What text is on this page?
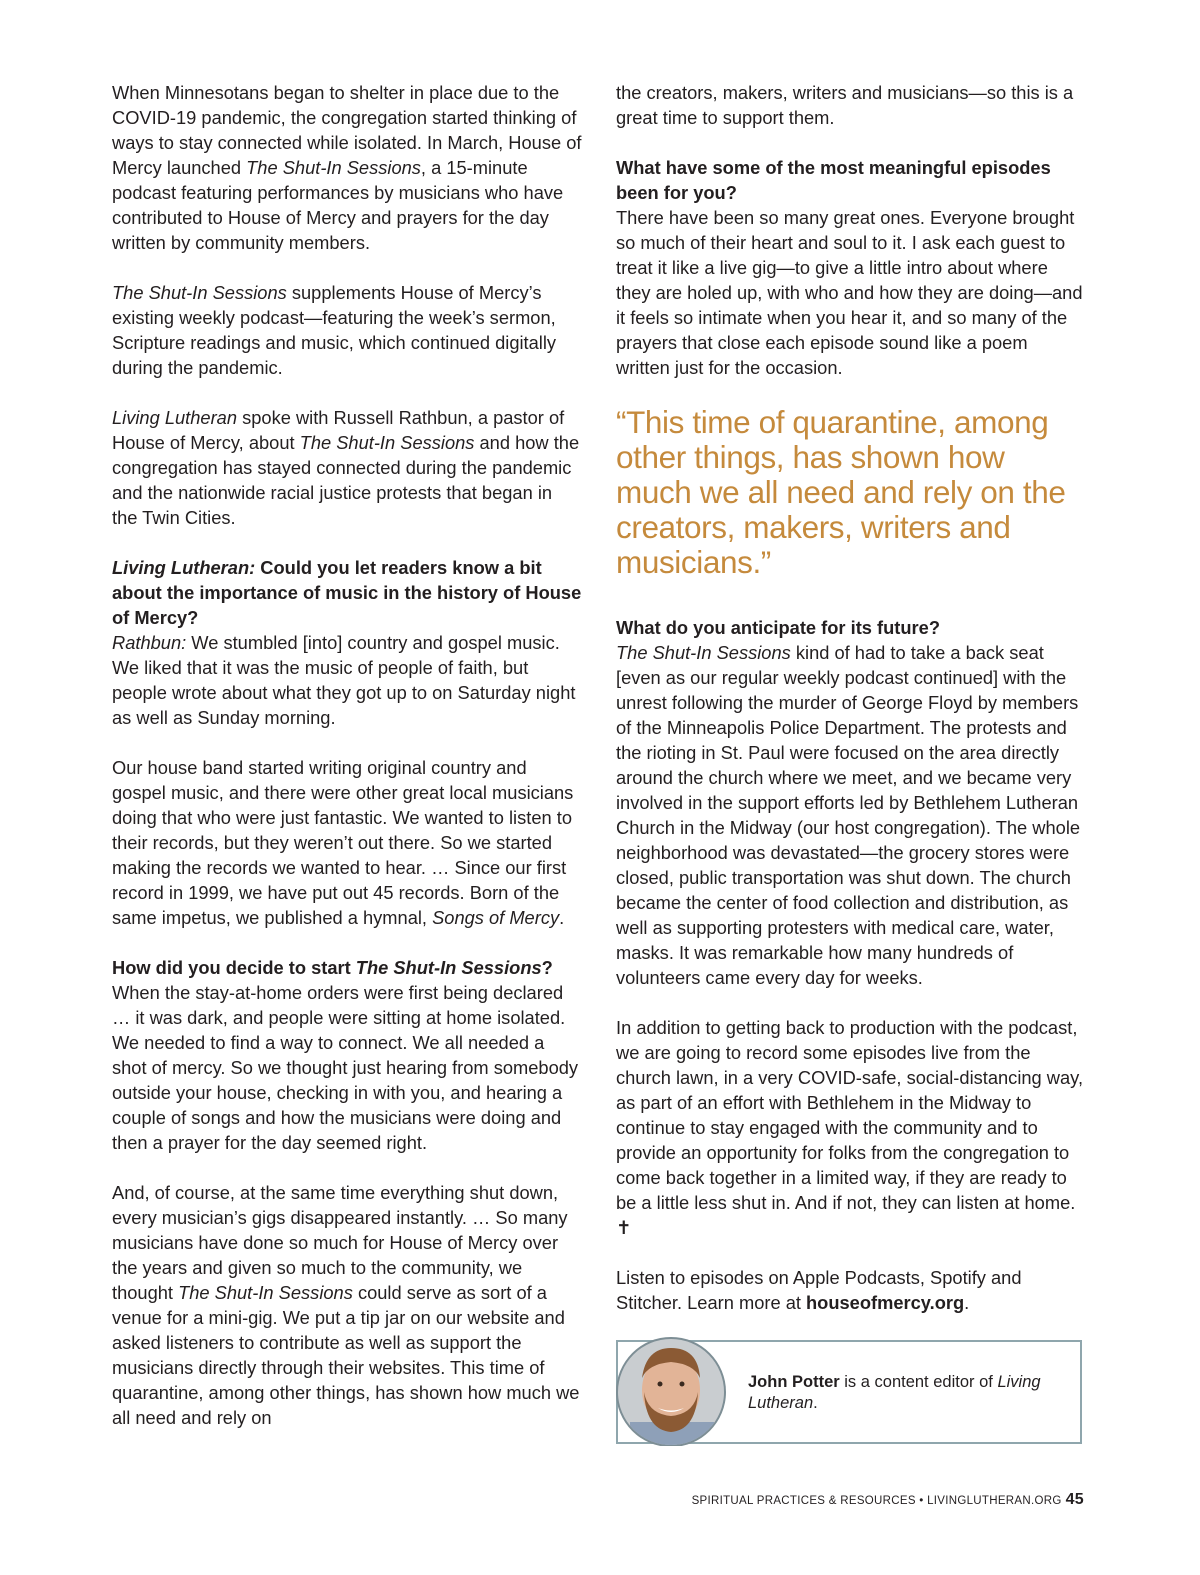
When Minnesotans began to shelter in place due to the COVID-19 pandemic, the congregation started thinking of ways to stay connected while isolated. In March, House of Mercy launched The Shut-In Sessions, a 15-minute podcast featuring performances by musicians who have contributed to House of Mercy and prayers for the day written by community members.

The Shut-In Sessions supplements House of Mercy’s existing weekly podcast—featuring the week’s sermon, Scripture readings and music, which continued digitally during the pandemic.

Living Lutheran spoke with Russell Rathbun, a pastor of House of Mercy, about The Shut-In Sessions and how the congregation has stayed connected during the pandemic and the nationwide racial justice protests that began in the Twin Cities.

Living Lutheran: Could you let readers know a bit about the importance of music in the history of House of Mercy?
Rathbun: We stumbled [into] country and gospel music. We liked that it was the music of people of faith, but people wrote about what they got up to on Saturday night as well as Sunday morning.

Our house band started writing original country and gospel music, and there were other great local musicians doing that who were just fantastic. We wanted to listen to their records, but they weren’t out there. So we started making the records we wanted to hear. … Since our first record in 1999, we have put out 45 records. Born of the same impetus, we published a hymnal, Songs of Mercy.

How did you decide to start The Shut-In Sessions?
When the stay-at-home orders were first being declared … it was dark, and people were sitting at home isolated. We needed to find a way to connect. We all needed a shot of mercy. So we thought just hearing from somebody outside your house, checking in with you, and hearing a couple of songs and how the musicians were doing and then a prayer for the day seemed right.

And, of course, at the same time everything shut down, every musician’s gigs disappeared instantly. … So many musicians have done so much for House of Mercy over the years and given so much to the community, we thought The Shut-In Sessions could serve as sort of a venue for a mini-gig. We put a tip jar on our website and asked listeners to contribute as well as support the musicians directly through their websites. This time of quarantine, among other things, has shown how much we all need and rely on

the creators, makers, writers and musicians—so this is a great time to support them.

What have some of the most meaningful episodes been for you?
There have been so many great ones. Everyone brought so much of their heart and soul to it. I ask each guest to treat it like a live gig—to give a little intro about where they are holed up, with who and how they are doing—and it feels so intimate when you hear it, and so many of the prayers that close each episode sound like a poem written just for the occasion.

“This time of quarantine, among other things, has shown how much we all need and rely on the creators, makers, writers and musicians.”

What do you anticipate for its future?
The Shut-In Sessions kind of had to take a back seat [even as our regular weekly podcast continued] with the unrest following the murder of George Floyd by members of the Minneapolis Police Department. The protests and the rioting in St. Paul were focused on the area directly around the church where we meet, and we became very involved in the support efforts led by Bethlehem Lutheran Church in the Midway (our host congregation). The whole neighborhood was devastated—the grocery stores were closed, public transportation was shut down. The church became the center of food collection and distribution, as well as supporting protesters with medical care, water, masks. It was remarkable how many hundreds of volunteers came every day for weeks.

In addition to getting back to production with the podcast, we are going to record some episodes live from the church lawn, in a very COVID-safe, social-distancing way, as part of an effort with Bethlehem in the Midway to continue to stay engaged with the community and to provide an opportunity for folks from the congregation to come back together in a limited way, if they are ready to be a little less shut in. And if not, they can listen at home. ✝

Listen to episodes on Apple Podcasts, Spotify and Stitcher. Learn more at houseofmercy.org.

John Potter is a content editor of Living Lutheran.
SPIRITUAL PRACTICES & RESOURCES • LIVINGLUTHERAN.ORG 45
